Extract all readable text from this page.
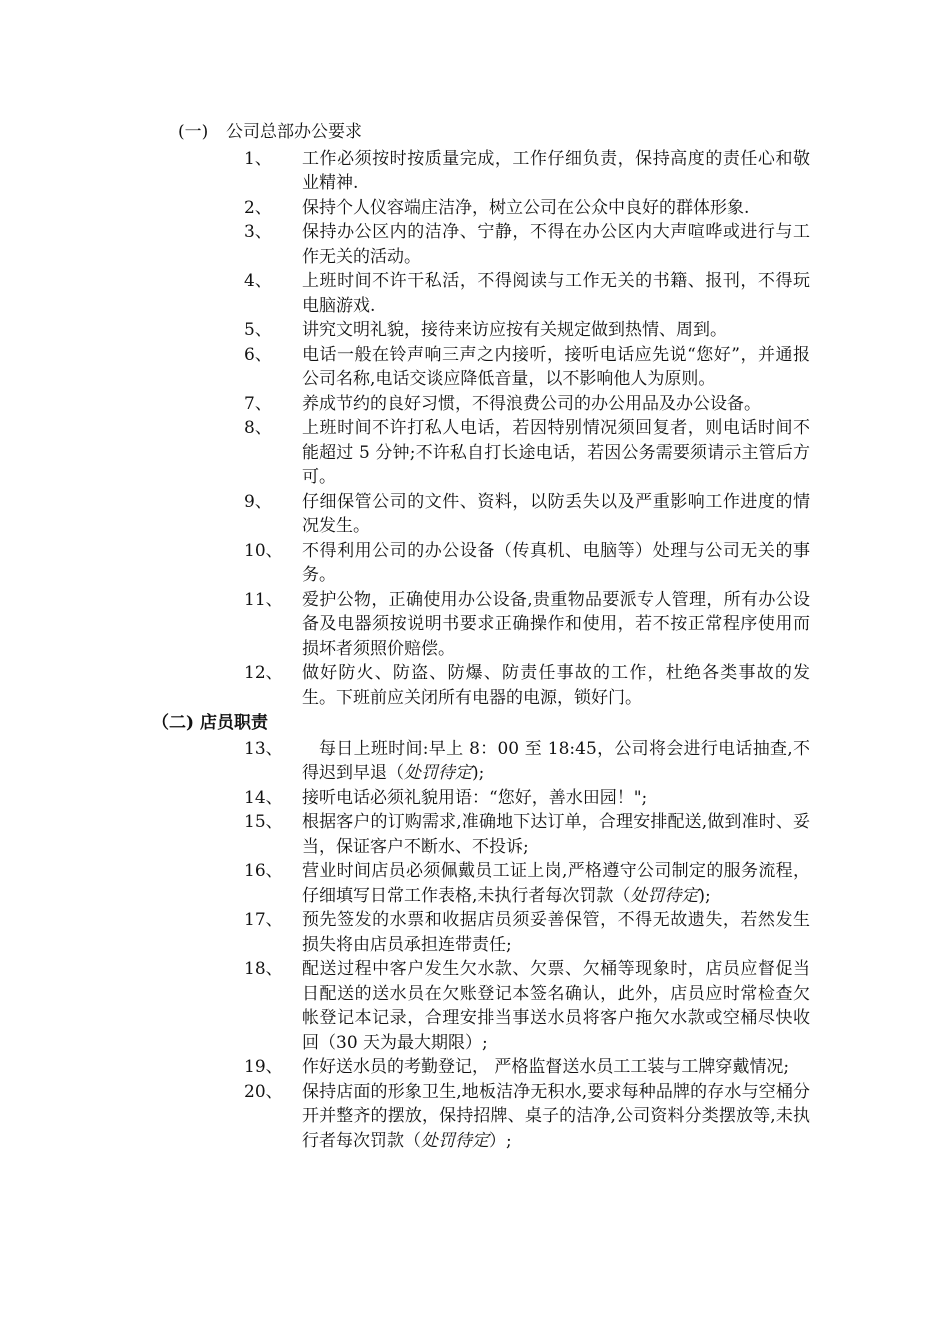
(一) 公司总部办公要求
1、	工作必须按时按质量完成，工作仔细负责，保持高度的责任心和敬业精神.
2、	保持个人仪容端庄洁净，树立公司在公众中良好的群体形象.
3、	保持办公区内的洁净、宁静，不得在办公区内大声喧哗或进行与工作无关的活动。
4、	上班时间不许干私活，不得阅读与工作无关的书籍、报刊，不得玩电脑游戏.
5、	讲究文明礼貌，接待来访应按有关规定做到热情、周到。
6、	电话一般在铃声响三声之内接听，接听电话应先说“您好”，并通报公司名称,电话交谈应降低音量，以不影响他人为原则。
7、	养成节约的良好习惯，不得浪费公司的办公用品及办公设备。
8、	上班时间不许打私人电话，若因特别情况须回复者，则电话时间不能超过 5 分钟;不许私自打长途电话，若因公务需要须请示主管后方可。
9、	仔细保管公司的文件、资料，以防丢失以及严重影响工作进度的情况发生。
10、	不得利用公司的办公设备（传真机、电脑等）处理与公司无关的事务。
11、	爱护公物，正确使用办公设备,贵重物品要派专人管理，所有办公设备及电器须按说明书要求正确操作和使用，若不按正常程序使用而损坏者须照价赔偿。
12、	做好防火、防盗、防爆、防责任事故的工作，杜绝各类事故的发生。下班前应关闭所有电器的电源，锁好门。
（二) 店员职责
13、	每日上班时间:早上 8：00 至 18:45，公司将会进行电话抽查,不得迟到早退（处罚待定);
14、	接听电话必须礼貌用语：“您好，善水田园！";
15、	根据客户的订购需求,准确地下达订单，合理安排配送,做到准时、妥当，保证客户不断水、不投诉;
16、	营业时间店员必须佩戴员工证上岗,严格遵守公司制定的服务流程，仔细填写日常工作表格,未执行者每次罚款（处罚待定);
17、	预先签发的水票和收据店员须妥善保管，不得无故遗失，若然发生损失将由店员承担连带责任;
18、	配送过程中客户发生欠水款、欠票、欠桶等现象时，店员应督促当日配送的送水员在欠账登记本签名确认，此外，店员应时常检查欠帐登记本记录，合理安排当事送水员将客户拖欠水款或空桶尽快收回（30 天为最大期限）;
19、	作好送水员的考勤登记， 严格监督送水员工工装与工牌穿戴情况;
20、	保持店面的形象卫生,地板洁净无积水,要求每种品牌的存水与空桶分开并整齐的摆放，保持招牌、桌子的洁净,公司资料分类摆放等,未执行者每次罚款（处罚待定）;
